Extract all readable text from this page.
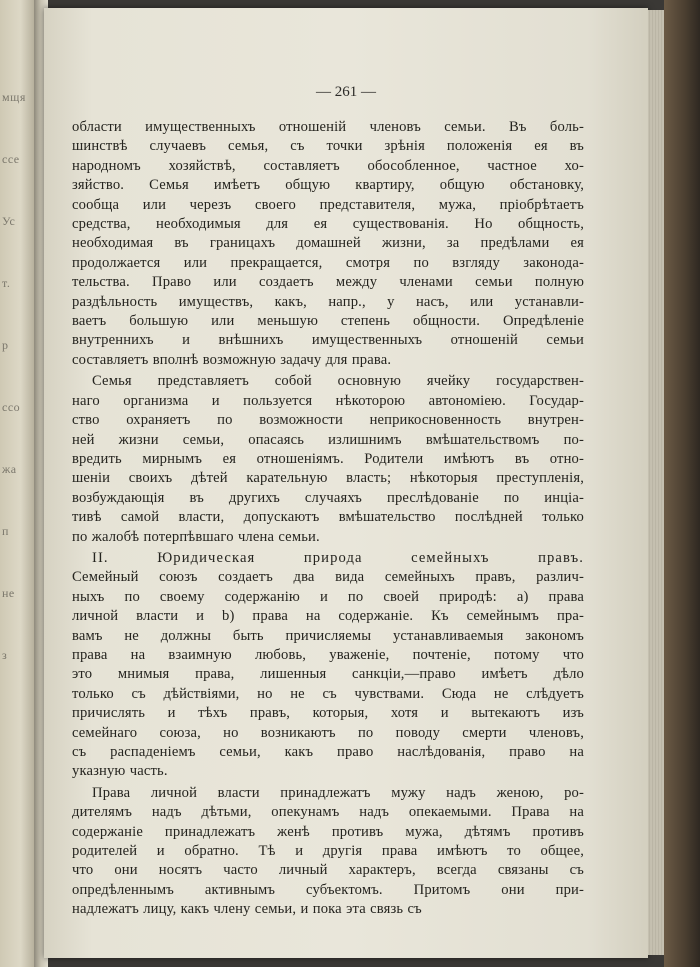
мщя
ссе
Ус
т.
р
ссо
жа
п
не
з
— 261 —
области имущественныхъ отношеній членовъ семьи. Въ боль-
шинствѣ случаевъ семья, съ точки зрѣнія положенія ея въ
народномъ хозяйствѣ, составляетъ обособленное, частное хо-
зяйство. Семья имѣетъ общую квартиру, общую обстановку,
сообща или черезъ своего представителя, мужа, пріобрѣтаетъ
средства, необходимыя для ея существованія. Но общность,
необходимая въ границахъ домашней жизни, за предѣлами ея
продолжается или прекращается, смотря по взгляду законода-
тельства. Право или создаетъ между членами семьи полную
раздѣльность имуществъ, какъ, напр., у насъ, или устанавли-
ваетъ большую или меньшую степень общности. Опредѣленіе
внутреннихъ и внѣшнихъ имущественныхъ отношеній семьи
составляетъ вполнѣ возможную задачу для права.
Семья представляетъ собой основную ячейку государствен-
наго организма и пользуется нѣкоторою автономіею. Государ-
ство охраняетъ по возможности неприкосновенность внутрен-
ней жизни семьи, опасаясь излишнимъ вмѣшательствомъ по-
вредить мирнымъ ея отношеніямъ. Родители имѣютъ въ отно-
шеніи своихъ дѣтей карательную власть; нѣкоторыя преступленія,
возбуждающія въ другихъ случаяхъ преслѣдованіе по инціа-
тивѣ самой власти, допускаютъ вмѣшательство послѣдней только
по жалобѣ потерпѣвшаго члена семьи.
II. Юридическая природа семейныхъ правъ.
Семейный союзъ создаетъ два вида семейныхъ правъ, различ-
ныхъ по своему содержанію и по своей природѣ: а) права
личной власти и b) права на содержаніе. Къ семейнымъ пра-
вамъ не должны быть причисляемы устанавливаемыя закономъ
права на взаимную любовь, уваженіе, почтеніе, потому что
это мнимыя права, лишенныя санкціи,—право имѣетъ дѣло
только съ дѣйствіями, но не съ чувствами. Сюда не слѣдуетъ
причислять и тѣхъ правъ, которыя, хотя и вытекаютъ изъ
семейнаго союза, но возникаютъ по поводу смерти членовъ,
съ распаденіемъ семьи, какъ право наслѣдованія, право на
указную часть.
Права личной власти принадлежатъ мужу надъ женою, ро-
дителямъ надъ дѣтьми, опекунамъ надъ опекаемыми. Права на
содержаніе принадлежатъ женѣ противъ мужа, дѣтямъ противъ
родителей и обратно. Тѣ и другія права имѣютъ то общее,
что они носятъ часто личный характеръ, всегда связаны съ
опредѣленнымъ активнымъ субъектомъ. Притомъ они при-
надлежатъ лицу, какъ члену семьи, и пока эта связь съ
